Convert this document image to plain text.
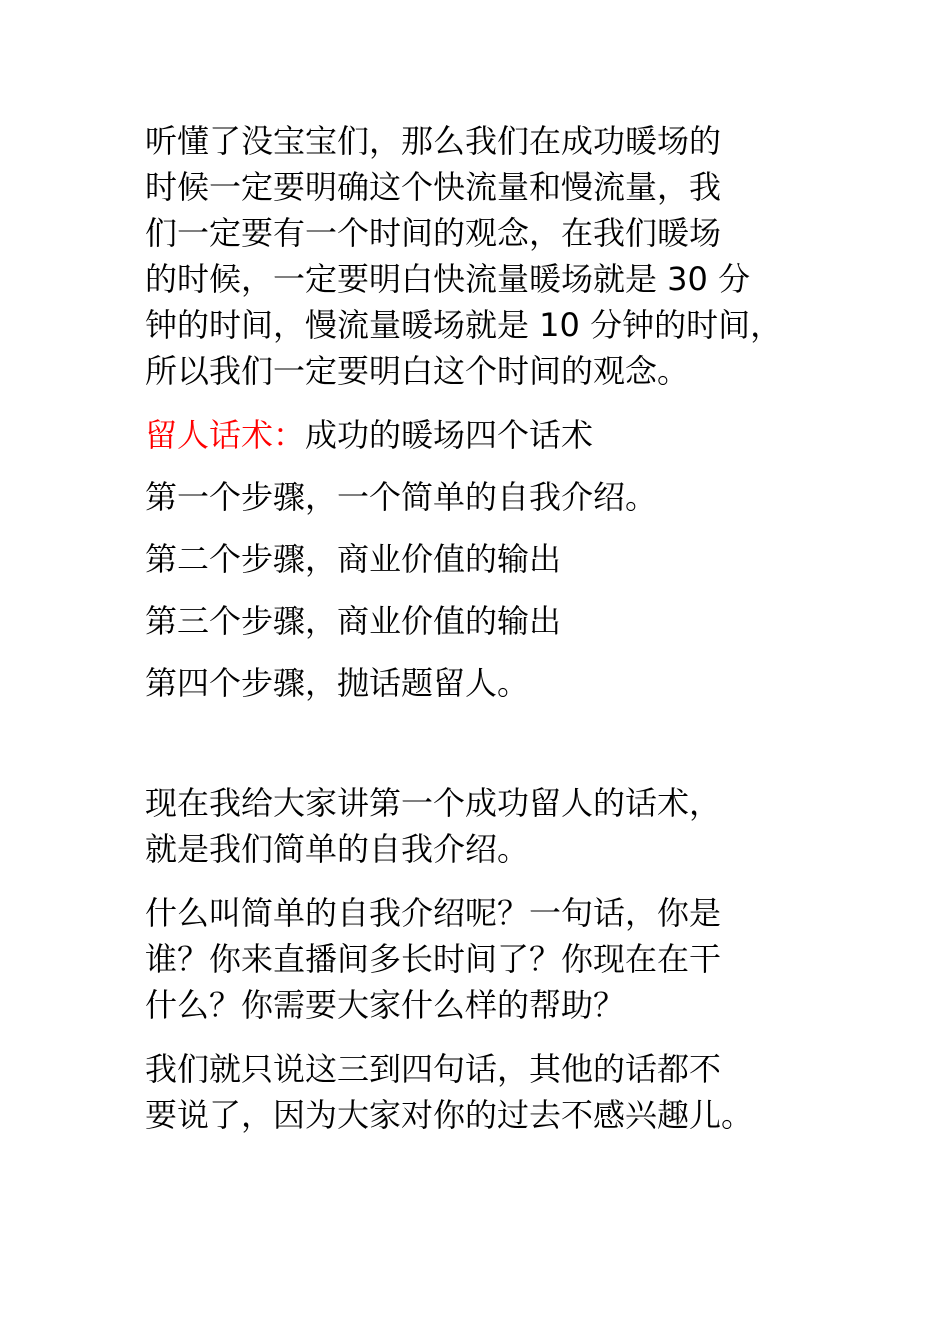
听懂了没宝宝们，那么我们在成功暖场的
时候一定要明确这个快流量和慢流量，我
们一定要有一个时间的观念，在我们暖场
的时候，一定要明白快流量暖场就是 30 分
钟的时间，慢流量暖场就是 10 分钟的时间，
所以我们一定要明白这个时间的观念。
留人话术：成功的暖场四个话术
第一个步骤，一个简单的自我介绍。
第二个步骤，商业价值的输出
第三个步骤，商业价值的输出
第四个步骤，抛话题留人。
现在我给大家讲第一个成功留人的话术，
就是我们简单的自我介绍。
什么叫简单的自我介绍呢？一句话，你是
谁？你来直播间多长时间了？你现在在干
什么？你需要大家什么样的帮助？
我们就只说这三到四句话，其他的话都不
要说了，因为大家对你的过去不感兴趣儿。
